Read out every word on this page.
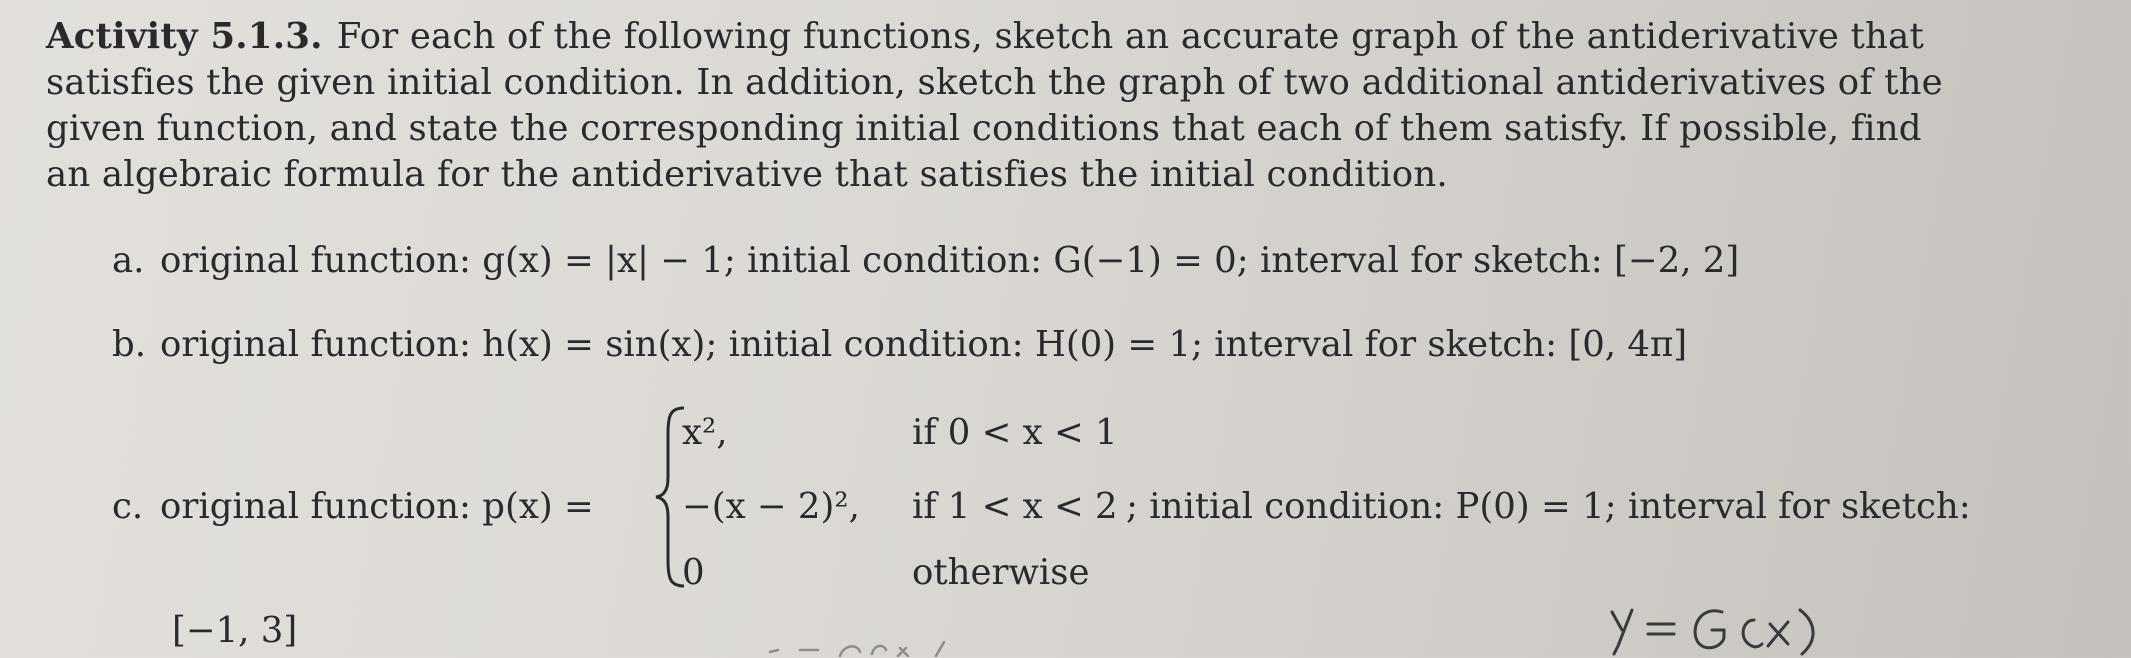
Activity 5.1.3. For each of the following functions, sketch an accurate graph of the antiderivative that satisfies the given initial condition. In addition, sketch the graph of two additional antiderivatives of the given function, and state the corresponding initial conditions that each of them satisfy. If possible, find an algebraic formula for the antiderivative that satisfies the initial condition.
a. original function: g(x) = |x| − 1; initial condition: G(−1) = 0; interval for sketch: [−2, 2]
b. original function: h(x) = sin(x); initial condition: H(0) = 1; interval for sketch: [0, 4π]
c. original function: p(x) =
x²,	if 0 < x < 1
−(x − 2)², if 1 < x < 2
0	otherwise
; initial condition: P(0) = 1; interval for sketch:
[−1, 3]
y = G(x)
